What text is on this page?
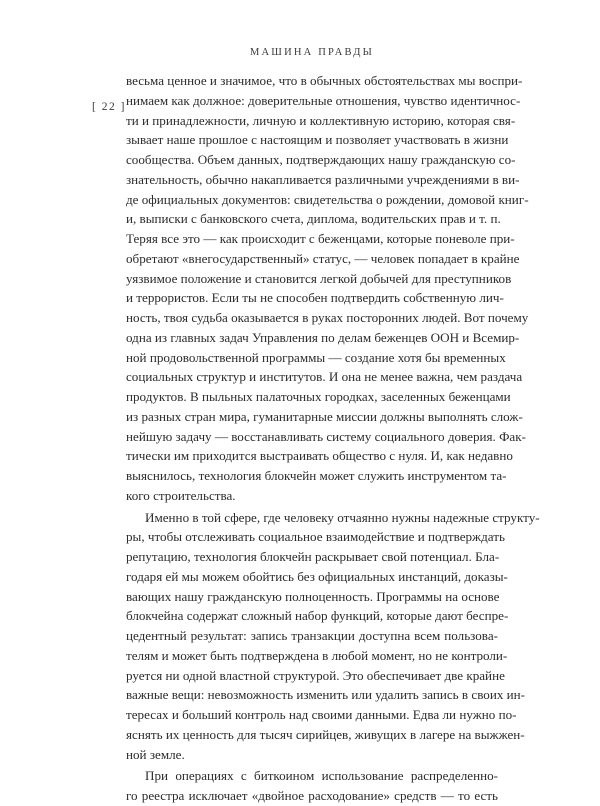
МАШИНА ПРАВДЫ
[ 22 ]
весьма ценное и значимое, что в обычных обстоятельствах мы воспри-
нимаем как должное: доверительные отношения, чувство идентичнос-
ти и принадлежности, личную и коллективную историю, которая свя-
зывает наше прошлое с настоящим и позволяет участвовать в жизни
сообщества. Объем данных, подтверждающих нашу гражданскую со-
знательность, обычно накапливается различными учреждениями в ви-
де официальных документов: свидетельства о рождении, домовой книг-
и, выписки с банковского счета, диплома, водительских прав и т. п.
Теряя все это — как происходит с беженцами, которые поневоле при-
обретают «внегосударственный» статус, — человек попадает в крайне
уязвимое положение и становится легкой добычей для преступников
и террористов. Если ты не способен подтвердить собственную лич-
ность, твоя судьба оказывается в руках посторонних людей. Вот почему
одна из главных задач Управления по делам беженцев ООН и Всемир-
ной продовольственной программы — создание хотя бы временных
социальных структур и институтов. И она не менее важна, чем раздача
продуктов. В пыльных палаточных городках, заселенных беженцами
из разных стран мира, гуманитарные миссии должны выполнять слож-
нейшую задачу — восстанавливать систему социального доверия. Фак-
тически им приходится выстраивать общество с нуля. И, как недавно
выяснилось, технология блокчейн может служить инструментом та-
кого строительства.
Именно в той сфере, где человеку отчаянно нужны надежные структу-
ры, чтобы отслеживать социальное взаимодействие и подтверждать
репутацию, технология блокчейн раскрывает свой потенциал. Бла-
годаря ей мы можем обойтись без официальных инстанций, доказы-
вающих нашу гражданскую полноценность. Программы на основе
блокчейна содержат сложный набор функций, которые дают беспре-
цедентный результат: запись транзакции доступна всем пользова-
телям и может быть подтверждена в любой момент, но не контроли-
руется ни одной властной структурой. Это обеспечивает две крайне
важные вещи: невозможность изменить или удалить запись в своих ин-
тересах и больший контроль над своими данными. Едва ли нужно по-
яснять их ценность для тысяч сирийцев, живущих в лагере на выжжен-
ной земле.
При операциях с биткоином использование распределенно-
го реестра исключает «двойное расходование» средств — то есть
